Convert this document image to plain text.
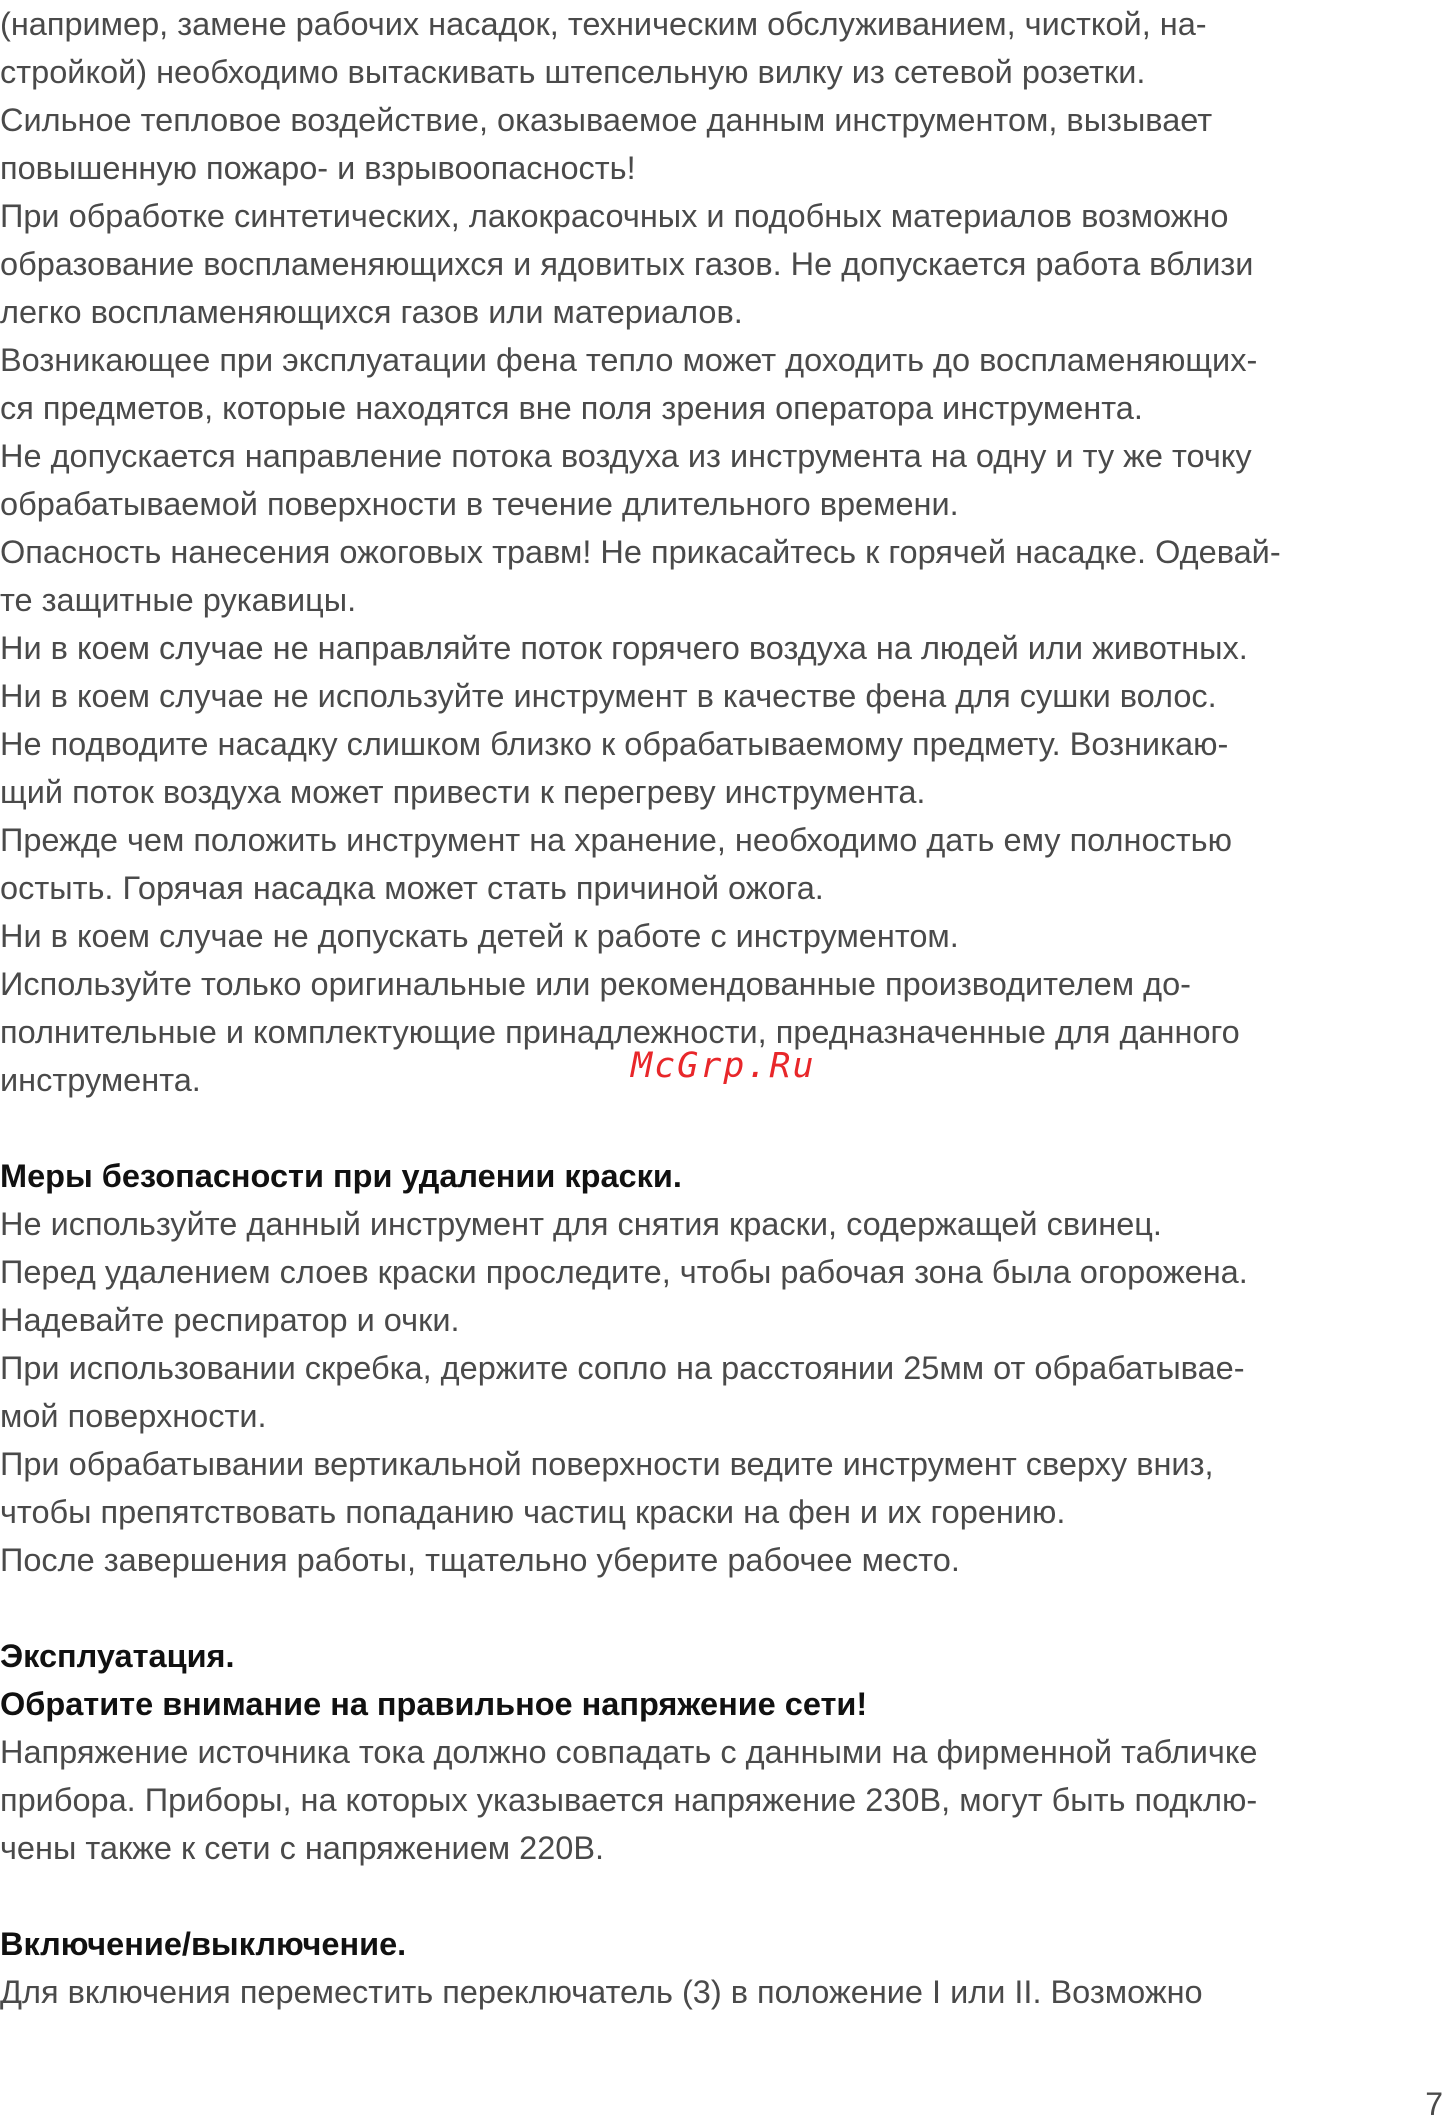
(например, замене рабочих насадок, техническим обслуживанием, чисткой, на-
стройкой) необходимо вытаскивать штепсельную вилку из сетевой розетки.
Сильное тепловое воздействие, оказываемое данным инструментом, вызывает
повышенную пожаро- и взрывоопасность!
При обработке синтетических, лакокрасочных и подобных материалов возможно
образование воспламеняющихся и ядовитых газов. Не допускается работа вблизи
легко воспламеняющихся газов или материалов.
Возникающее при эксплуатации фена тепло может доходить до воспламеняющих-
ся предметов, которые находятся вне поля зрения оператора инструмента.
Не допускается направление потока воздуха из инструмента на одну и ту же точку
обрабатываемой поверхности в течение длительного времени.
Опасность нанесения ожоговых травм! Не прикасайтесь к горячей насадке. Одевай-
те защитные рукавицы.
Ни в коем случае не направляйте поток горячего воздуха на людей или животных.
Ни в коем случае не используйте инструмент в качестве фена для сушки волос.
Не подводите насадку слишком близко к обрабатываемому предмету. Возникаю-
щий поток воздуха может привести к перегреву инструмента.
Прежде чем положить инструмент на хранение, необходимо дать ему полностью
остыть. Горячая насадка может стать причиной ожога.
Ни в коем случае не допускать детей к работе с инструментом.
Используйте только оригинальные или рекомендованные производителем до-
полнительные и комплектующие принадлежности, предназначенные для данного
инструмента.
Меры безопасности при удалении краски.
Не используйте данный инструмент для снятия краски, содержащей свинец.
Перед удалением слоев краски проследите, чтобы рабочая зона была огорожена.
Надевайте респиратор и очки.
При использовании скребка, держите сопло на расстоянии 25мм от обрабатывае-
мой поверхности.
При обрабатывании вертикальной поверхности ведите инструмент сверху вниз,
чтобы препятствовать попаданию частиц краски на фен и их горению.
После завершения работы, тщательно уберите рабочее место.
Эксплуатация.
Обратите внимание на правильное напряжение сети!
Напряжение источника тока должно совпадать с данными на фирменной табличке
прибора. Приборы, на которых указывается напряжение 230В, могут быть подклю-
чены также к сети с напряжением 220В.
Включение/выключение.
Для включения переместить переключатель (3) в положение I или II. Возможно
McGrp.Ru
7
